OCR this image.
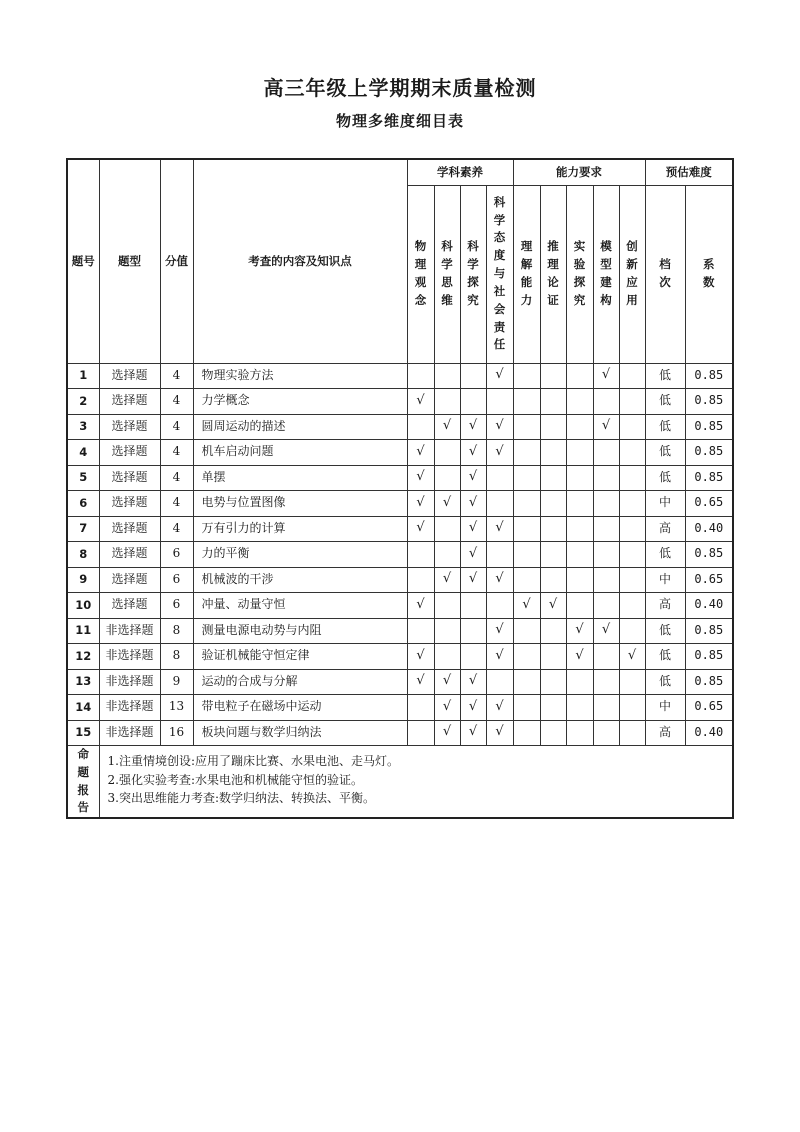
高三年级上学期期末质量检测
物理多维度细目表
题号	题型	分值	考查的内容及知识点	学科素养				能力要求					预估难度	
				物理观念	科学思维	科学探究	科学态度与社会责任	理解能力	推理论证	实验探究	模型建构	创新应用	档次	系数
1	选择题	4	物理实验方法				√				√		低	0.85
2	选择题	4	力学概念	√									低	0.85
3	选择题	4	圆周运动的描述		√	√	√				√		低	0.85
4	选择题	4	机车启动问题	√		√	√						低	0.85
5	选择题	4	单摆	√		√							低	0.85
6	选择题	4	电势与位置图像	√	√	√							中	0.65
7	选择题	4	万有引力的计算	√		√	√						高	0.40
8	选择题	6	力的平衡			√							低	0.85
9	选择题	6	机械波的干涉		√	√	√						中	0.65
10	选择题	6	冲量、动量守恒	√				√	√				高	0.40
11	非选择题	8	测量电源电动势与内阻				√			√	√		低	0.85
12	非选择题	8	验证机械能守恒定律	√			√			√		√	低	0.85
13	非选择题	9	运动的合成与分解	√	√	√							低	0.85
14	非选择题	13	带电粒子在磁场中运动		√	√	√						中	0.65
15	非选择题	16	板块问题与数学归纳法		√	√	√						高	0.40
命题报告	1.注重情境创设:应用了蹦床比赛、水果电池、走马灯。
2.强化实验考查:水果电池和机械能守恒的验证。
3.突出思维能力考查:数学归纳法、转换法、平衡。													
